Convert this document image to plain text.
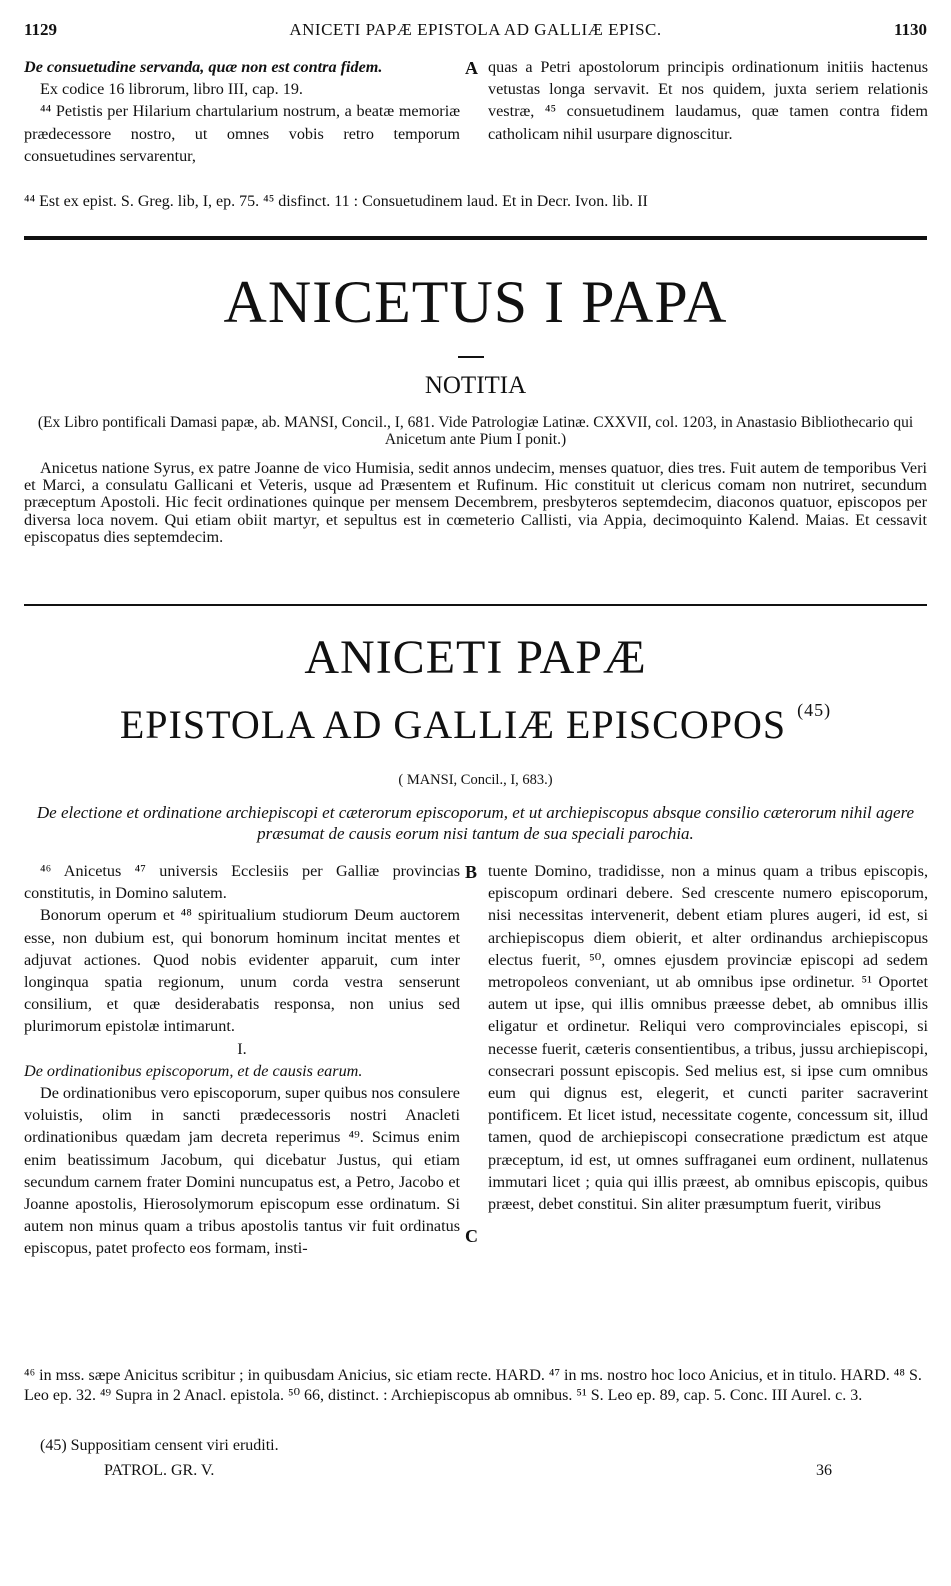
1129	ANICETI PAPÆ EPISTOLA AD GALLIÆ EPISC.	1130

De consuetudine servanda, quæ non est contra fidem.

Ex codice 16 librorum, libro III, cap. 19.

⁴⁴ Petistis per Hilarium chartularium nostrum, a beatæ memoriæ prædecessore nostro, ut omnes vobis retro temporum consuetudines servarentur,

A quas a Petri apostolorum principis ordinationum initiis hactenus vetustas longa servavit. Et nos quidem, juxta seriem relationis vestræ, ⁴⁵ consuetudinem laudamus, quæ tamen contra fidem catholicam nihil usurpare dignoscitur.
⁴⁴ Est ex epist. S. Greg. lib, I, ep. 75. ⁴⁵ disfinct. 11 : Consuetudinem laud. Et in Decr. Ivon. lib. II
ANICETUS I PAPA
NOTITIA
(Ex Libro pontificali Damasi papæ, ab. MANSI, Concil., I, 681. Vide Patrologiæ Latinæ. CXXVII, col. 1203, in Anastasio Bibliothecario qui Anicetum ante Pium I ponit.)
Anicetus natione Syrus, ex patre Joanne de vico Humisia, sedit annos undecim, menses quatuor, dies tres. Fuit autem de temporibus Veri et Marci, a consulatu Gallicani et Veteris, usque ad Præsentem et Rufinum. Hic constituit ut clericus comam non nutriret, secundum præceptum Apostoli. Hic fecit ordinationes quinque per mensem Decembrem, presbyteros septemdecim, diaconos quatuor, episcopos per diversa loca novem. Qui etiam obiit martyr, et sepultus est in cœmeterio Callisti, via Appia, decimoquinto Kalend. Maias. Et cessavit episcopatus dies septemdecim.
ANICETI PAPÆ
EPISTOLA AD GALLIÆ EPISCOPOS $^{(45)}$
( MANSI, Concil., I, 683.)
De electione et ordinatione archiepiscopi et cæterorum episcoporum, et ut archiepiscopus absque consilio cæterorum nihil agere præsumat de causis eorum nisi tantum de sua speciali parochia.

⁴⁶ Anicetus ⁴⁷ universis Ecclesiis per Galliæ provincias constitutis, in Domino salutem.

Bonorum operum et ⁴⁸ spiritualium studiorum Deum auctorem esse, non dubium est, qui bonorum hominum incitat mentes et adjuvat actiones. Quod nobis evidenter apparuit, cum inter longinqua spatia regionum, unum corda vestra senserunt consilium, et quæ desiderabatis responsa, non unius sed plurimorum epistolæ intimarunt.

I.

De ordinationibus episcoporum, et de causis earum.

De ordinationibus vero episcoporum, super quibus nos consulere voluistis, olim in sancti prædecessoris nostri Anacleti ordinationibus quædam jam decreta reperimus ⁴⁹. Scimus enim enim beatissimum Jacobum, qui dicebatur Justus, qui etiam secundum carnem frater Domini nuncupatus est, a Petro, Jacobo et Joanne apostolis, Hierosolymorum episcopum esse ordinatum. Si autem non minus quam a tribus apostolis tantus vir fuit ordinatus episcopus, patet profecto eos formam, insti-

B
C
tuente Domino, tradidisse, non a minus quam a tribus episcopis, episcopum ordinari debere. Sed crescente numero episcoporum, nisi necessitas intervenerit, debent etiam plures augeri, id est, si archiepiscopus diem obierit, et alter ordinandus archiepiscopus electus fuerit, ⁵⁰, omnes ejusdem provinciæ episcopi ad sedem metropoleos conveniant, ut ab omnibus ipse ordinetur. ⁵¹ Oportet autem ut ipse, qui illis omnibus præesse debet, ab omnibus illis eligatur et ordinetur. Reliqui vero comprovinciales episcopi, si necesse fuerit, cæteris consentientibus, a tribus, jussu archiepiscopi, consecrari possunt episcopis. Sed melius est, si ipse cum omnibus eum qui dignus est, elegerit, et cuncti pariter sacraverint pontificem. Et licet istud, necessitate cogente, concessum sit, illud tamen, quod de archiepiscopi consecratione prædictum est atque præceptum, id est, ut omnes suffraganei eum ordinent, nullatenus immutari licet ; quia qui illis præest, ab omnibus episcopis, quibus præest, debet constitui. Sin aliter præsumptum fuerit, viribus
⁴⁶ in mss. sæpe Anicitus scribitur ; in quibusdam Anicius, sic etiam recte. HARD. ⁴⁷ in ms. nostro hoc loco Anicius, et in titulo. HARD. ⁴⁸ S. Leo ep. 32. ⁴⁹ Supra in 2 Anacl. epistola. ⁵⁰ 66, distinct. : Archiepiscopus ab omnibus. ⁵¹ S. Leo ep. 89, cap. 5. Conc. III Aurel. c. 3.
(45) Suppositiam censent viri eruditi.
PATROL. GR. V.	36
